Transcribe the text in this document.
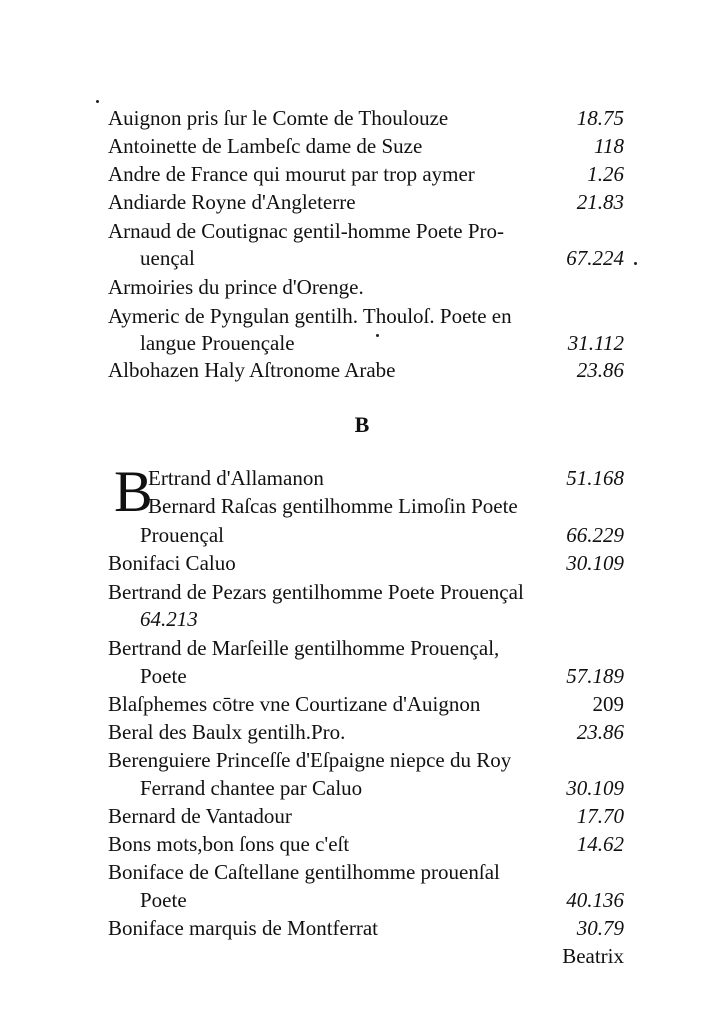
Auignon pris ſur le Comte de Thoulouze	18.75
Antoinette de Lambeſc dame de Suze	118
Andre de France qui mourut par trop aymer	1.26
Andiarde Royne d'Angleterre	21.83
Arnaud de Coutignac gentil-homme Poete Pro-
uençal	67.224
Armoiries du prince d'Orenge.
Aymeric de Pyngulan gentilh. Thouloſ. Poete en
langue Prouençale	31.112
Albohazen Haly Aſtronome Arabe	23.86
B
B
Ertrand d'Allamanon	51.168
Bernard Raſcas gentilhomme Limoſin Poete
Prouençal	66.229
Bonifaci Caluo	30.109
Bertrand de Pezars gentilhomme Poete Prouençal
64.213
Bertrand de Marſeille gentilhomme Prouençal,
Poete	57.189
Blaſphemes cōtre vne Courtizane d'Auignon	209
Beral des Baulx gentilh.Pro.	23.86
Berenguiere Princeſſe d'Eſpaigne niepce du Roy
Ferrand chantee par Caluo	30.109
Bernard de Vantadour	17.70
Bons mots,bon ſons que c'eſt	14.62
Boniface de Caſtellane gentilhomme prouenſal
Poete	40.136
Boniface marquis de Montferrat	30.79
Beatrix
